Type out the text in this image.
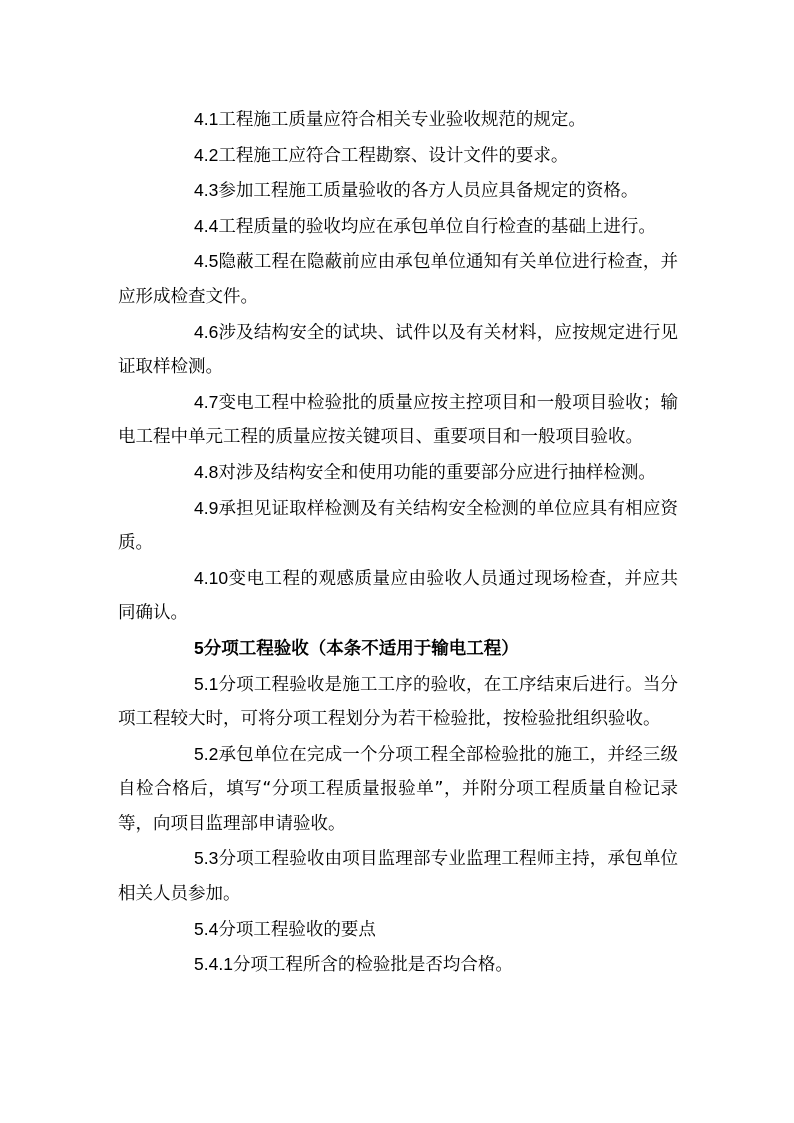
4.1工程施工质量应符合相关专业验收规范的规定。

4.2工程施工应符合工程勘察、设计文件的要求。

4.3参加工程施工质量验收的各方人员应具备规定的资格。

4.4工程质量的验收均应在承包单位自行检查的基础上进行。

4.5隐蔽工程在隐蔽前应由承包单位通知有关单位进行检查，并应形成检查文件。

4.6涉及结构安全的试块、试件以及有关材料，应按规定进行见证取样检测。

4.7变电工程中检验批的质量应按主控项目和一般项目验收；输电工程中单元工程的质量应按关键项目、重要项目和一般项目验收。

4.8对涉及结构安全和使用功能的重要部分应进行抽样检测。

4.9承担见证取样检测及有关结构安全检测的单位应具有相应资质。

4.10变电工程的观感质量应由验收人员通过现场检查，并应共同确认。

5分项工程验收（本条不适用于输电工程）

5.1分项工程验收是施工工序的验收，在工序结束后进行。当分项工程较大时，可将分项工程划分为若干检验批，按检验批组织验收。

5.2承包单位在完成一个分项工程全部检验批的施工，并经三级自检合格后，填写“分项工程质量报验单”，并附分项工程质量自检记录等，向项目监理部申请验收。

5.3分项工程验收由项目监理部专业监理工程师主持，承包单位相关人员参加。

5.4分项工程验收的要点

5.4.1分项工程所含的检验批是否均合格。
